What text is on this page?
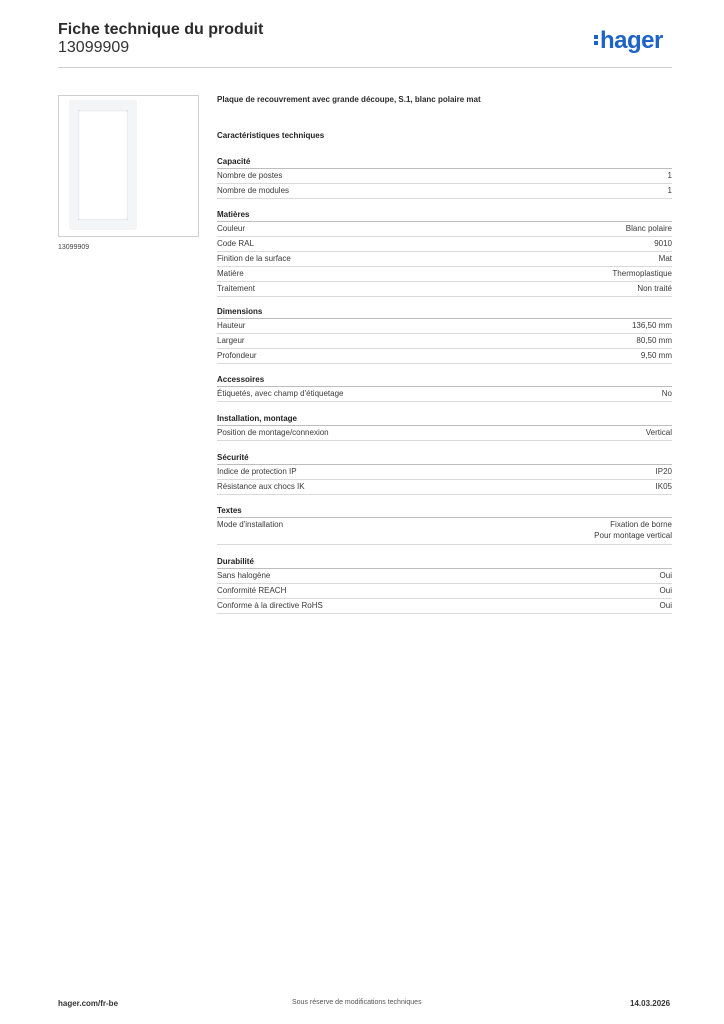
Fiche technique du produit
13099909	hager
13099909
Plaque de recouvrement avec grande découpe, S.1, blanc polaire mat
Caractéristiques techniques
Capacité
Nombre de postes	1
Nombre de modules	1
Matières
Couleur	Blanc polaire
Code RAL	9010
Finition de la surface	Mat
Matière	Thermoplastique
Traitement	Non traité
Dimensions
Hauteur	136,50 mm
Largeur	80,50 mm
Profondeur	9,50 mm
Accessoires
Étiquetés, avec champ d'étiquetage	No
Installation, montage
Position de montage/connexion	Vertical
Sécurité
Indice de protection IP	IP20
Résistance aux chocs IK	IK05
Textes
Mode d'installation	Fixation de borne
Pour montage vertical
Durabilité
Sans halogène	Oui
Conformité REACH	Oui
Conforme à la directive RoHS	Oui
hager.com/fr-be	Sous réserve de modifications techniques	14.03.2026
